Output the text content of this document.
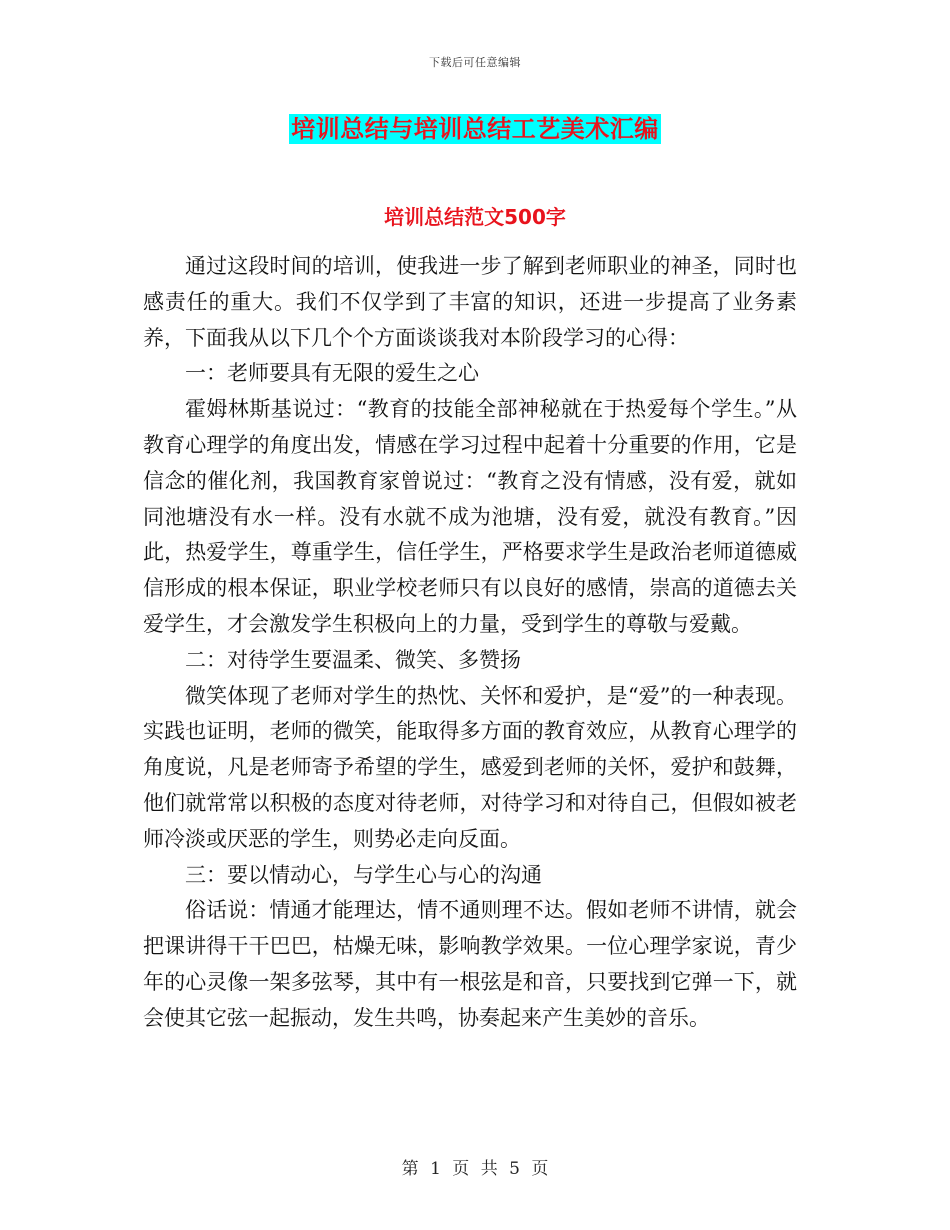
下载后可任意编辑
培训总结与培训总结工艺美术汇编
培训总结范文500字

通过这段时间的培训，使我进一步了解到老师职业的神圣，同时也感责任的重大。我们不仅学到了丰富的知识，还进一步提高了业务素养，下面我从以下几个个方面谈谈我对本阶段学习的心得：

一：老师要具有无限的爱生之心

霍姆林斯基说过：“教育的技能全部神秘就在于热爱每个学生。”从教育心理学的角度出发，情感在学习过程中起着十分重要的作用，它是信念的催化剂，我国教育家曾说过：“教育之没有情感，没有爱，就如同池塘没有水一样。没有水就不成为池塘，没有爱，就没有教育。”因此，热爱学生，尊重学生，信任学生，严格要求学生是政治老师道德威信形成的根本保证，职业学校老师只有以良好的感情，崇高的道德去关爱学生，才会激发学生积极向上的力量，受到学生的尊敬与爱戴。

二：对待学生要温柔、微笑、多赞扬

微笑体现了老师对学生的热忱、关怀和爱护，是“爱”的一种表现。实践也证明，老师的微笑，能取得多方面的教育效应，从教育心理学的角度说，凡是老师寄予希望的学生，感爱到老师的关怀，爱护和鼓舞，他们就常常以积极的态度对待老师，对待学习和对待自己，但假如被老师冷淡或厌恶的学生，则势必走向反面。

三：要以情动心，与学生心与心的沟通

俗话说：情通才能理达，情不通则理不达。假如老师不讲情，就会把课讲得干干巴巴，枯燥无味，影响教学效果。一位心理学家说，青少年的心灵像一架多弦琴，其中有一根弦是和音，只要找到它弹一下，就会使其它弦一起振动，发生共鸣，协奏起来产生美妙的音乐。

第 1 页 共 5 页
